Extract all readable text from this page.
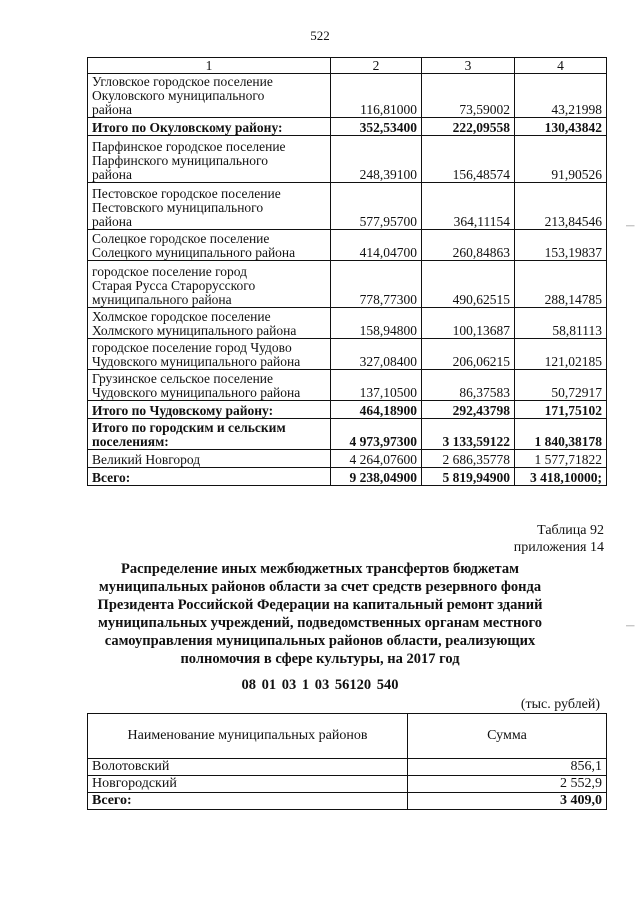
522
|
|
1	2	3	4

Угловское городское поселение
Окуловского муниципального
района	116,81000	73,59002	43,21998

Итого по Окуловскому району:	352,53400	222,09558	130,43842

Парфинское городское поселение
Парфинского муниципального
района	248,39100	156,48574	91,90526

Пестовское городское поселение
Пестовского муниципального
района	577,95700	364,11154	213,84546

Солецкое городское поселение
Солецкого муниципального района	414,04700	260,84863	153,19837

городское поселение город
Старая Русса Старорусского
муниципального района	778,77300	490,62515	288,14785

Холмское городское поселение
Холмского муниципального района	158,94800	100,13687	58,81113

городское поселение город Чудово
Чудовского муниципального района	327,08400	206,06215	121,02185

Грузинское сельское поселение
Чудовского муниципального района	137,10500	86,37583	50,72917

Итого по Чудовскому району:	464,18900	292,43798	171,75102

Итого по городским и сельским
поселениям:	4 973,97300	3 133,59122	1 840,38178

Великий Новгород	4 264,07600	2 686,35778	1 577,71822

Всего:	9 238,04900	5 819,94900	3 418,10000;
Таблица 92
приложения 14
Распределение иных межбюджетных трансфертов бюджетам
муниципальных районов области за счет средств резервного фонда
Президента Российской Федерации на капитальный ремонт зданий
муниципальных учреждений, подведомственных органам местного
самоуправления муниципальных районов области, реализующих
полномочия в сфере культуры, на 2017 год
08 01 03 1 03 56120 540
(тыс. рублей)
Наименование муниципальных районов	Сумма
Волотовский	856,1
Новгородский	2 552,9
Всего:	3 409,0
